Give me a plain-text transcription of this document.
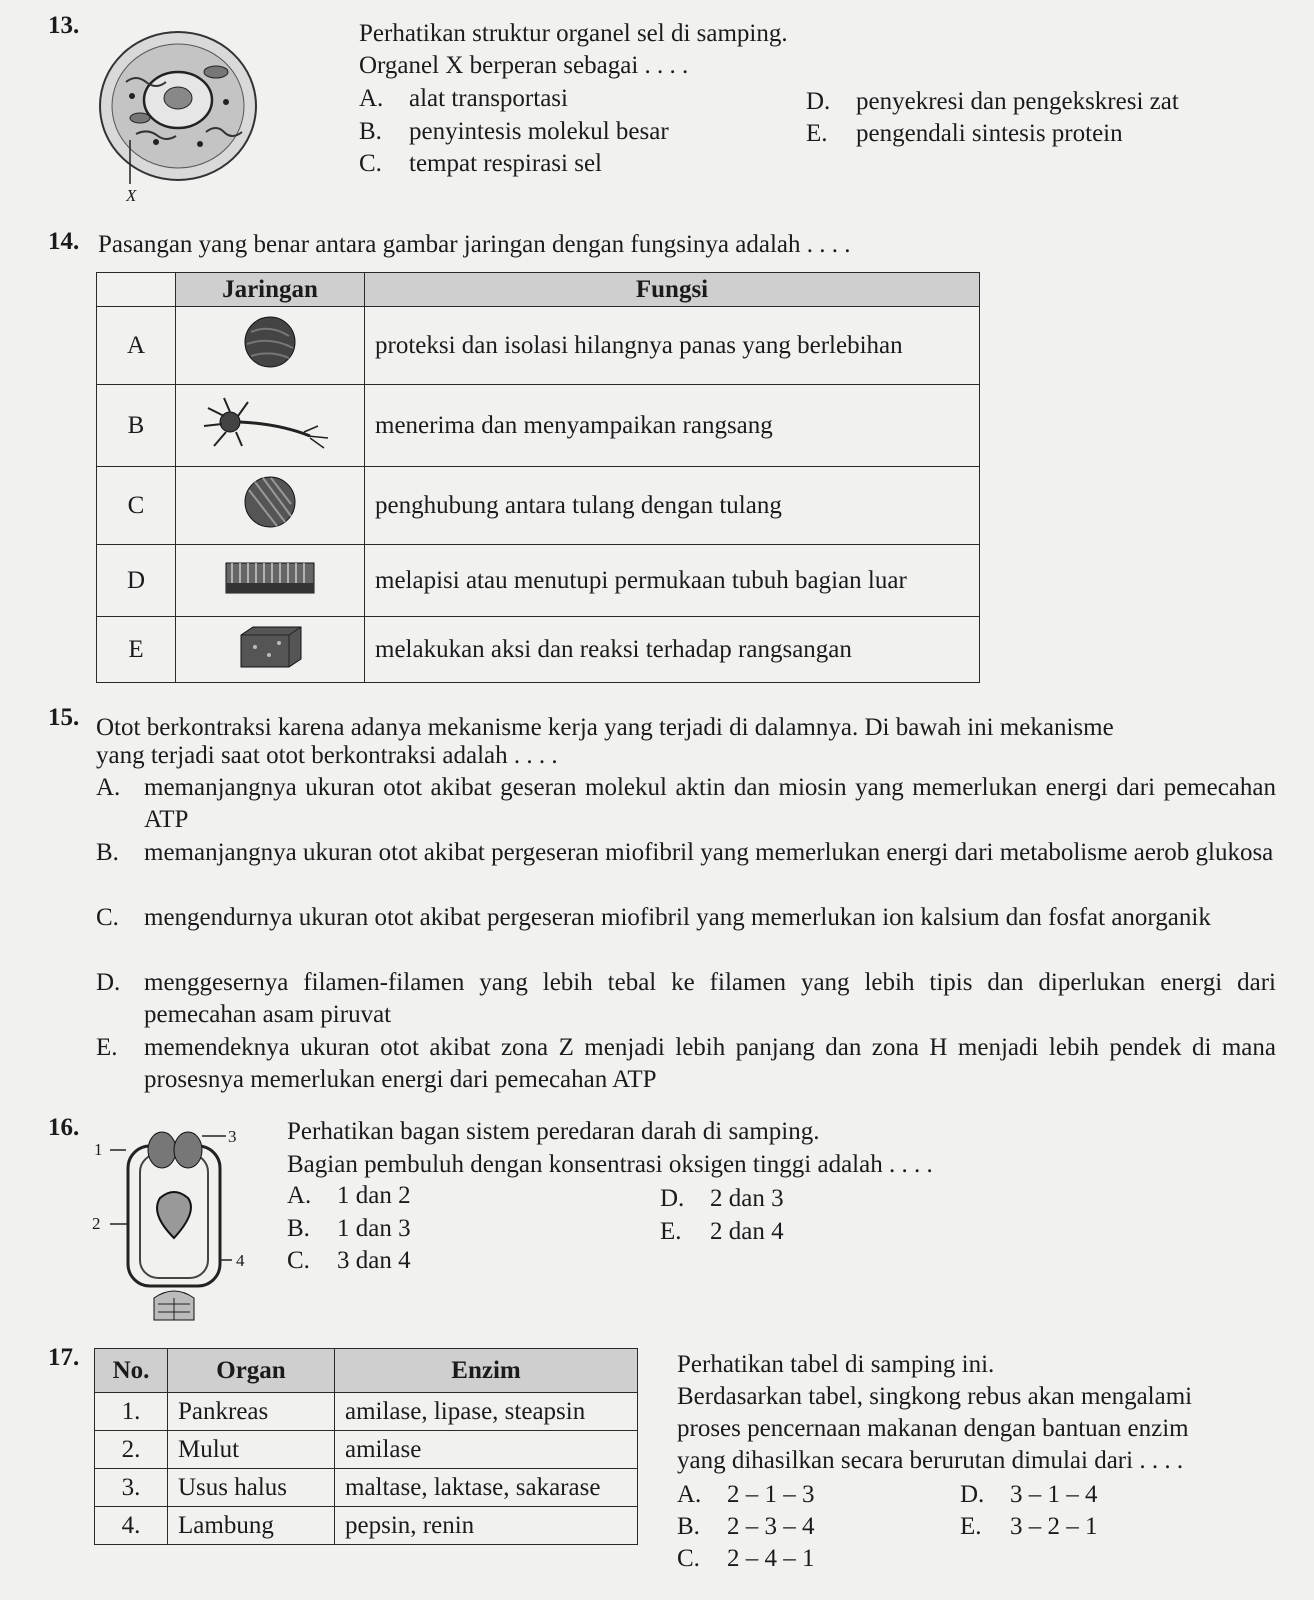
13.
X
Perhatikan struktur organel sel di samping.
Organel X berperan sebagai . . . .
A. alat transportasi
B. penyintesis molekul besar
C. tempat respirasi sel
D. penyekresi dan pengekskresi zat
E. pengendali sintesis protein
14. Pasangan yang benar antara gambar jaringan dengan fungsinya adalah . . . .
	Jaringan	Fungsi
A		proteksi dan isolasi hilangnya panas yang berlebihan
B		menerima dan menyampaikan rangsang
C		penghubung antara tulang dengan tulang
D		melapisi atau menutupi permukaan tubuh bagian luar
E		melakukan aksi dan reaksi terhadap rangsangan
15. Otot berkontraksi karena adanya mekanisme kerja yang terjadi di dalamnya. Di bawah ini mekanisme
yang terjadi saat otot berkontraksi adalah . . . .
A. memanjangnya ukuran otot akibat geseran molekul aktin dan miosin yang memerlukan energi dari pemecahan ATP
B. memanjangnya ukuran otot akibat pergeseran miofibril yang memerlukan energi dari metabolisme aerob glukosa
C. mengendurnya ukuran otot akibat pergeseran miofibril yang memerlukan ion kalsium dan fosfat anorganik
D. menggesernya filamen-filamen yang lebih tebal ke filamen yang lebih tipis dan diperlukan energi dari pemecahan asam piruvat
E. memendeknya ukuran otot akibat zona Z menjadi lebih panjang dan zona H menjadi lebih pendek di mana prosesnya memerlukan energi dari pemecahan ATP
16.
1
2
3
4
Perhatikan bagan sistem peredaran darah di samping.
Bagian pembuluh dengan konsentrasi oksigen tinggi adalah . . . .
A. 1 dan 2
B. 1 dan 3
C. 3 dan 4
D. 2 dan 3
E. 2 dan 4
17. No.	Organ	Enzim
1.	Pankreas	amilase, lipase, steapsin
2.	Mulut	amilase
3.	Usus halus	maltase, laktase, sakarase
4.	Lambung	pepsin, renin
Perhatikan tabel di samping ini.
Berdasarkan tabel, singkong rebus akan mengalami
proses pencernaan makanan dengan bantuan enzim
yang dihasilkan secara berurutan dimulai dari . . . .
A. 2 – 1 – 3
B. 2 – 3 – 4
C. 2 – 4 – 1
D. 3 – 1 – 4
E. 3 – 2 – 1
